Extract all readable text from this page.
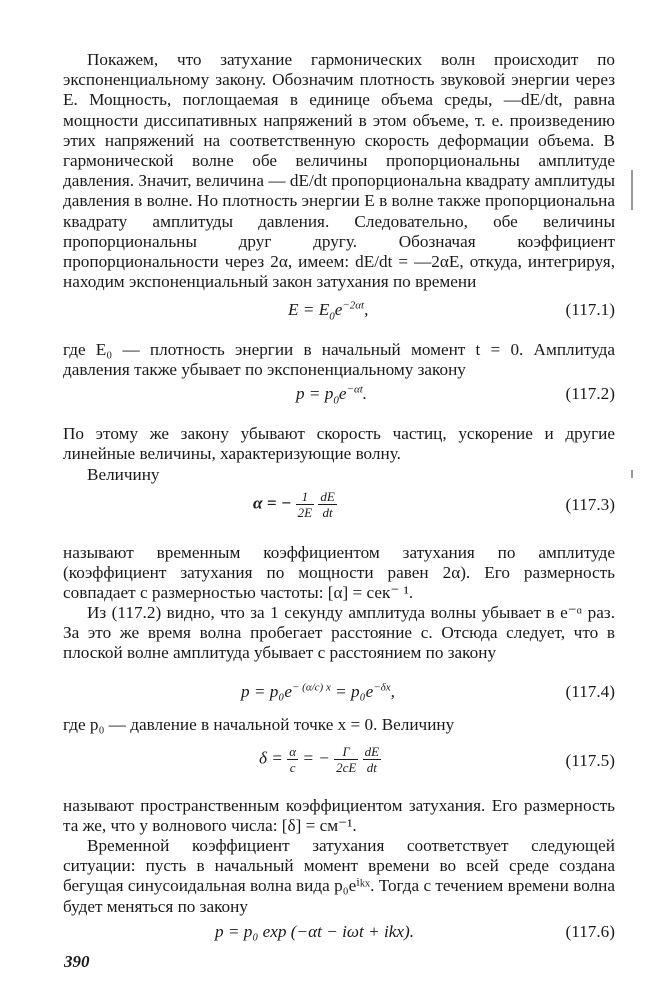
Покажем, что затухание гармонических волн происходит по экспоненциальному закону. Обозначим плотность звуковой энергии через E. Мощность, поглощаемая в единице объема среды, —dE/dt, равна мощности диссипативных напряжений в этом объеме, т. е. произведению этих напряжений на соответственную скорость деформации объема. В гармонической волне обе величины пропорциональны амплитуде давления. Значит, величина — dE/dt пропорциональна квадрату амплитуды давления в волне. Но плотность энергии E в волне также пропорциональна квадрату амплитуды давления. Следовательно, обе величины пропорциональны друг другу. Обозначая коэффициент пропорциональности через 2α, имеем: dE/dt = —2αE, откуда, интегрируя, находим экспоненциальный закон затухания по времени

$E = E_0e^{-2\alpha t}$,	(117.1)

где E₀ — плотность энергии в начальный момент t = 0. Амплитуда давления также убывает по экспоненциальному закону

$p = p_0e^{-\alpha t}$.	(117.2)

По этому же закону убывают скорость частиц, ускорение и другие линейные величины, характеризующие волну.

Величину

α = − $\frac{1}{2E}$
$\frac{dE}{dt}$	(117.3)

называют временным коэффициентом затухания по амплитуде (коэффициент затухания по мощности равен 2α). Его размерность совпадает с размерностью частоты: [α] = сек⁻ ¹.

Из (117.2) видно, что за 1 секунду амплитуда волны убывает в e⁻ᵅ раз. За это же время волна пробегает расстояние c. Отсюда следует, что в плоской волне амплитуда убывает с расстоянием по закону

$p = p_0e^{- (\alpha/c) x} = p_0e^{-\delta x}$,	(117.4)

где p₀ — давление в начальной точке x = 0. Величину

$\delta = \frac{\alpha}{c}$ = − $\frac{\Gamma}{2cE}$
$\frac{dE}{dt}$	(117.5)

называют пространственным коэффициентом затухания. Его размерность та же, что у волнового числа: [δ] = см⁻¹.

Временной коэффициент затухания соответствует следующей ситуации: пусть в начальный момент времени во всей среде создана бегущая синусоидальная волна вида p₀eⁱᵏˣ. Тогда с течением времени волна будет меняться по закону

p = p₀ exp (−αt − iωt + ikx).	(117.6)
390
